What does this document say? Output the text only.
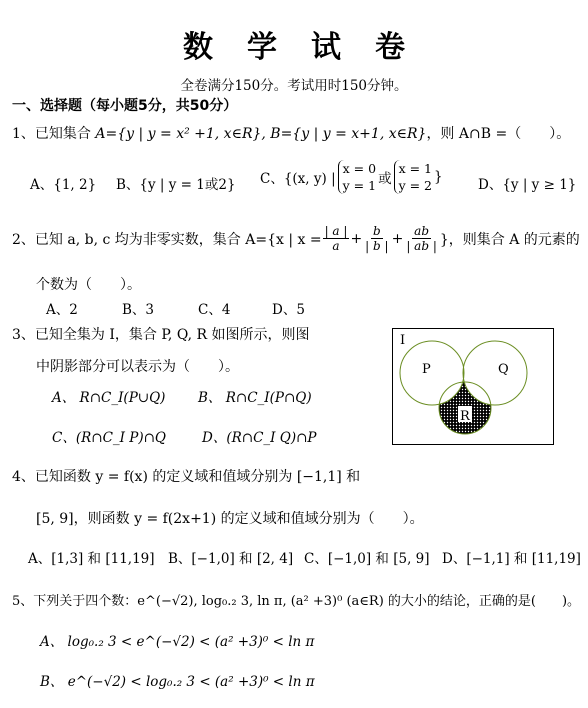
数学试卷
全卷满分150分。考试用时150分钟。
一、选择题（每小题5分，共50分）
1、已知集合 A={y | y = x² +1, x∈R}, B={y | y = x+1, x∈R}，则 A∩B =（　　）。
A、{1, 2} B、{y | y = 1或2} C、{(x, y) |
x = 0
y = 1 或
x = 1
y = 2
}	D、{y | y ≥ 1}
2、 已知 a, b, c 均为非零实数，集合 A={x | $x = \frac{| a |}{a} + \frac{b}{| b |} + \frac{ab}{| ab |}$ }，则集合 A 的元素的
个数为（　　）。
A、2	B、3	C、4	D、5
3、已知全集为 I，集合 P, Q, R 如图所示，则图
中阴影部分可以表示为（　　）。
A、 R∩C_I(P∪Q) B、 R∩C_I(P∩Q)
C、(R∩C_I P)∩Q	D、(R∩C_I Q)∩P
I
P	Q
R
4、已知函数 y = f(x) 的定义域和值域分别为 [−1,1] 和
[5, 9]，则函数 y = f(2x+1) 的定义域和值域分别为（　　）。
A、[1,3] 和 [11,19] B、[−1,0] 和 [2, 4] C、[−1,0] 和 [5, 9] D、[−1,1] 和 [11,19]
5、下列关于四个数：e^(−√2), log₀.₂ 3, ln π, (a² +3)⁰ (a∈R) 的大小的结论，正确的是(　　)。
A、 log₀.₂ 3 < e^(−√2) < (a² +3)⁰ < ln π
B、 e^(−√2) < log₀.₂ 3 < (a² +3)⁰ < ln π
